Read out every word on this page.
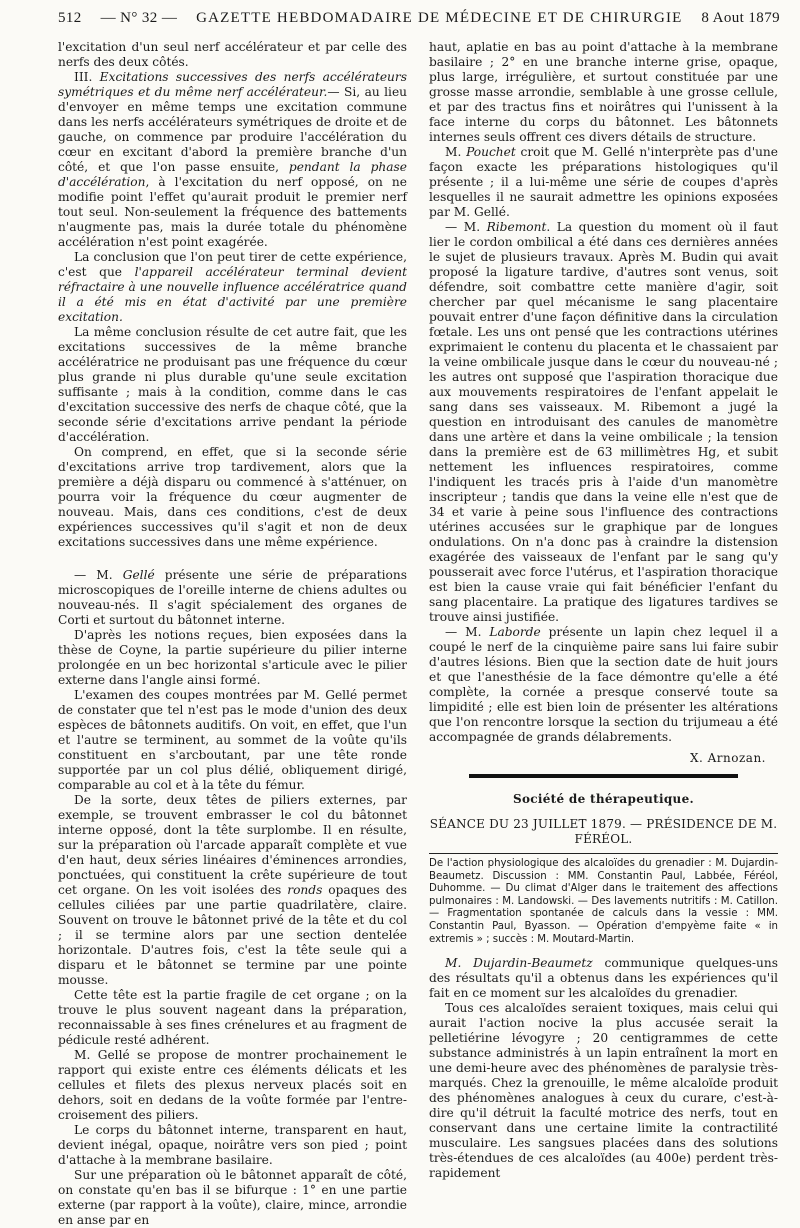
512 — N° 32 — GAZETTE HEBDOMADAIRE DE MÉDECINE ET DE CHIRURGIE 8 Aout 1879

l'excitation d'un seul nerf accélérateur et par celle des nerfs des deux côtés.

III. Excitations successives des nerfs accélérateurs symétriques et du même nerf accélérateur.— Si, au lieu d'envoyer en même temps une excitation commune dans les nerfs accélérateurs symétriques de droite et de gauche, on commence par produire l'accélération du cœur en excitant d'abord la première branche d'un côté, et que l'on passe ensuite, pendant la phase d'accélération, à l'excitation du nerf opposé, on ne modifie point l'effet qu'aurait produit le premier nerf tout seul. Non-seulement la fréquence des battements n'augmente pas, mais la durée totale du phénomène accélération n'est point exagérée.

La conclusion que l'on peut tirer de cette expérience, c'est que l'appareil accélérateur terminal devient réfractaire à une nouvelle influence accélératrice quand il a été mis en état d'activité par une première excitation.

La même conclusion résulte de cet autre fait, que les excitations successives de la même branche accélératrice ne produisant pas une fréquence du cœur plus grande ni plus durable qu'une seule excitation suffisante ; mais à la condition, comme dans le cas d'excitation successive des nerfs de chaque côté, que la seconde série d'excitations arrive pendant la période d'accélération.

On comprend, en effet, que si la seconde série d'excitations arrive trop tardivement, alors que la première a déjà disparu ou commencé à s'atténuer, on pourra voir la fréquence du cœur augmenter de nouveau. Mais, dans ces conditions, c'est de deux expériences successives qu'il s'agit et non de deux excitations successives dans une même expérience.

— M. Gellé présente une série de préparations microscopiques de l'oreille interne de chiens adultes ou nouveau-nés. Il s'agit spécialement des organes de Corti et surtout du bâtonnet interne.

D'après les notions reçues, bien exposées dans la thèse de Coyne, la partie supérieure du pilier interne prolongée en un bec horizontal s'articule avec le pilier externe dans l'angle ainsi formé.

L'examen des coupes montrées par M. Gellé permet de constater que tel n'est pas le mode d'union des deux espèces de bâtonnets auditifs. On voit, en effet, que l'un et l'autre se terminent, au sommet de la voûte qu'ils constituent en s'arcboutant, par une tête ronde supportée par un col plus délié, obliquement dirigé, comparable au col et à la tête du fémur.

De la sorte, deux têtes de piliers externes, par exemple, se trouvent embrasser le col du bâtonnet interne opposé, dont la tête surplombe. Il en résulte, sur la préparation où l'arcade apparaît complète et vue d'en haut, deux séries linéaires d'éminences arrondies, ponctuées, qui constituent la crête supérieure de tout cet organe. On les voit isolées des ronds opaques des cellules ciliées par une partie quadrilatère, claire. Souvent on trouve le bâtonnet privé de la tête et du col ; il se termine alors par une section dentelée horizontale. D'autres fois, c'est la tête seule qui a disparu et le bâtonnet se termine par une pointe mousse.

Cette tête est la partie fragile de cet organe ; on la trouve le plus souvent nageant dans la préparation, reconnaissable à ses fines crénelures et au fragment de pédicule resté adhérent.

M. Gellé se propose de montrer prochainement le rapport qui existe entre ces éléments délicats et les cellules et filets des plexus nerveux placés soit en dehors, soit en dedans de la voûte formée par l'entre-croisement des piliers.

Le corps du bâtonnet interne, transparent en haut, devient inégal, opaque, noirâtre vers son pied ; point d'attache à la membrane basilaire.

Sur une préparation où le bâtonnet apparaît de côté, on constate qu'en bas il se bifurque : 1° en une partie externe (par rapport à la voûte), claire, mince, arrondie en anse par en

haut, aplatie en bas au point d'attache à la membrane basilaire ; 2° en une branche interne grise, opaque, plus large, irrégulière, et surtout constituée par une grosse masse arrondie, semblable à une grosse cellule, et par des tractus fins et noirâtres qui l'unissent à la face interne du corps du bâtonnet. Les bâtonnets internes seuls offrent ces divers détails de structure.

M. Pouchet croit que M. Gellé n'interprète pas d'une façon exacte les préparations histologiques qu'il présente ; il a lui-même une série de coupes d'après lesquelles il ne saurait admettre les opinions exposées par M. Gellé.

— M. Ribemont. La question du moment où il faut lier le cordon ombilical a été dans ces dernières années le sujet de plusieurs travaux. Après M. Budin qui avait proposé la ligature tardive, d'autres sont venus, soit défendre, soit combattre cette manière d'agir, soit chercher par quel mécanisme le sang placentaire pouvait entrer d'une façon définitive dans la circulation fœtale. Les uns ont pensé que les contractions utérines exprimaient le contenu du placenta et le chassaient par la veine ombilicale jusque dans le cœur du nouveau-né ; les autres ont supposé que l'aspiration thoracique due aux mouvements respiratoires de l'enfant appelait le sang dans ses vaisseaux. M. Ribemont a jugé la question en introduisant des canules de manomètre dans une artère et dans la veine ombilicale ; la tension dans la première est de 63 millimètres Hg, et subit nettement les influences respiratoires, comme l'indiquent les tracés pris à l'aide d'un manomètre inscripteur ; tandis que dans la veine elle n'est que de 34 et varie à peine sous l'influence des contractions utérines accusées sur le graphique par de longues ondulations. On n'a donc pas à craindre la distension exagérée des vaisseaux de l'enfant par le sang qu'y pousserait avec force l'utérus, et l'aspiration thoracique est bien la cause vraie qui fait bénéficier l'enfant du sang placentaire. La pratique des ligatures tardives se trouve ainsi justifiée.

— M. Laborde présente un lapin chez lequel il a coupé le nerf de la cinquième paire sans lui faire subir d'autres lésions. Bien que la section date de huit jours et que l'anesthésie de la face démontre qu'elle a été complète, la cornée a presque conservé toute sa limpidité ; elle est bien loin de présenter les altérations que l'on rencontre lorsque la section du trijumeau a été accompagnée de grands délabrements.

X. Arnozan.
Société de thérapeutique.
SÉANCE DU 23 JUILLET 1879. — PRÉSIDENCE DE M. FÉRÉOL.
De l'action physiologique des alcaloïdes du grenadier : M. Dujardin-Beaumetz. Discussion : MM. Constantin Paul, Labbée, Féréol, Duhomme. — Du climat d'Alger dans le traitement des affections pulmonaires : M. Landowski. — Des lavements nutritifs : M. Catillon. — Fragmentation spontanée de calculs dans la vessie : MM. Constantin Paul, Byasson. — Opération d'empyème faite « in extremis » ; succès : M. Moutard-Martin.

M. Dujardin-Beaumetz communique quelques-uns des résultats qu'il a obtenus dans les expériences qu'il fait en ce moment sur les alcaloïdes du grenadier.

Tous ces alcaloïdes seraient toxiques, mais celui qui aurait l'action nocive la plus accusée serait la pelletiérine lévogyre ; 20 centigrammes de cette substance administrés à un lapin entraînent la mort en une demi-heure avec des phénomènes de paralysie très-marqués. Chez la grenouille, le même alcaloïde produit des phénomènes analogues à ceux du curare, c'est-à-dire qu'il détruit la faculté motrice des nerfs, tout en conservant dans une certaine limite la contractilité musculaire. Les sangsues placées dans des solutions très-étendues de ces alcaloïdes (au 400e) perdent très-rapidement
